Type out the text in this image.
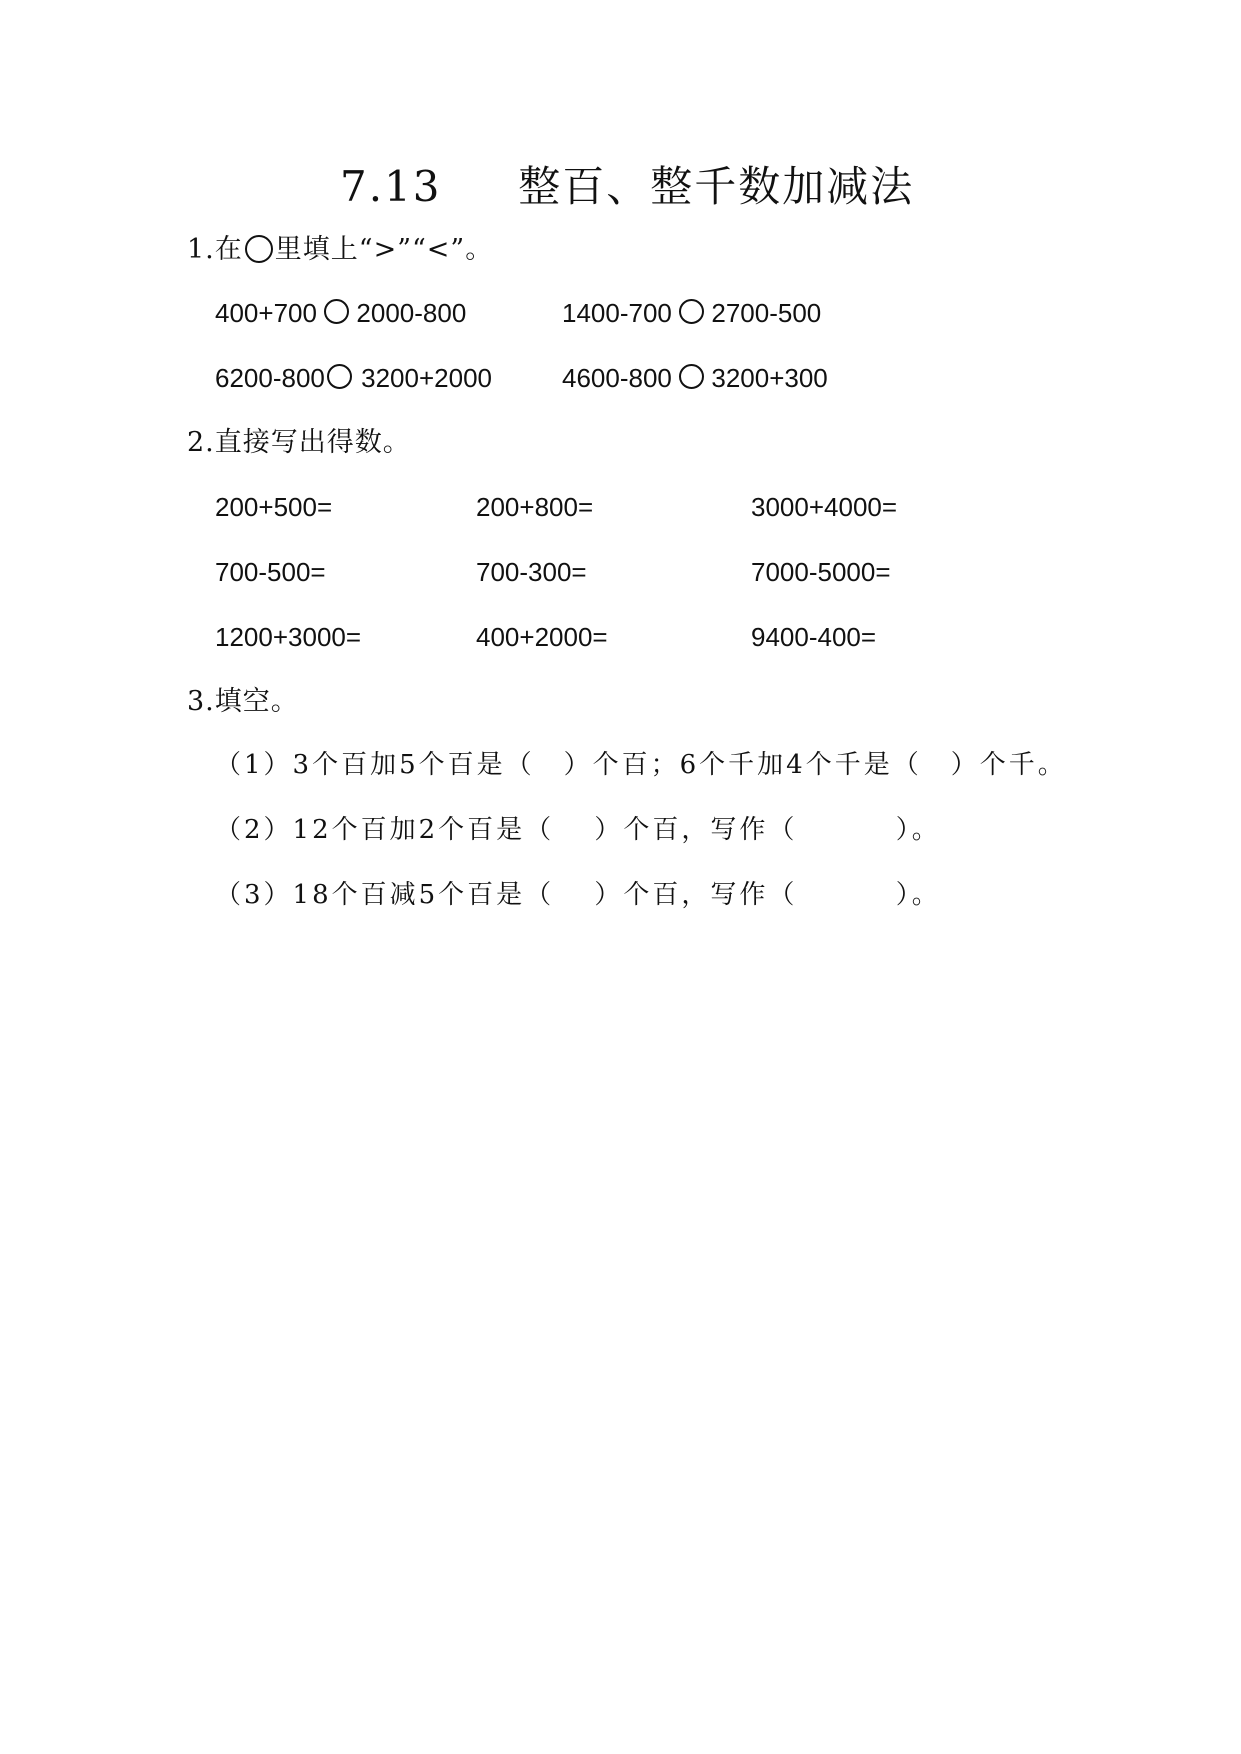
7.13 整百、整千数加减法
1.在 里填上“>”“<”。
400+700 2000-800	1400-700 2700-500
6200-800 3200+2000	4600-800 3200+300
2.直接写出得数。
200+500=	200+800=	3000+4000=
700-500=	700-300=	7000-5000=
1200+3000=	400+2000=	9400-400=
3.填空。
（1）3个百加5个百是（　）个百；6个千加4个千是（　）个千。
（2）12个百加2个百是（　 ）个百，写作（　　　 ）。
（3）18个百减5个百是（　 ）个百，写作（　　　 ）。
